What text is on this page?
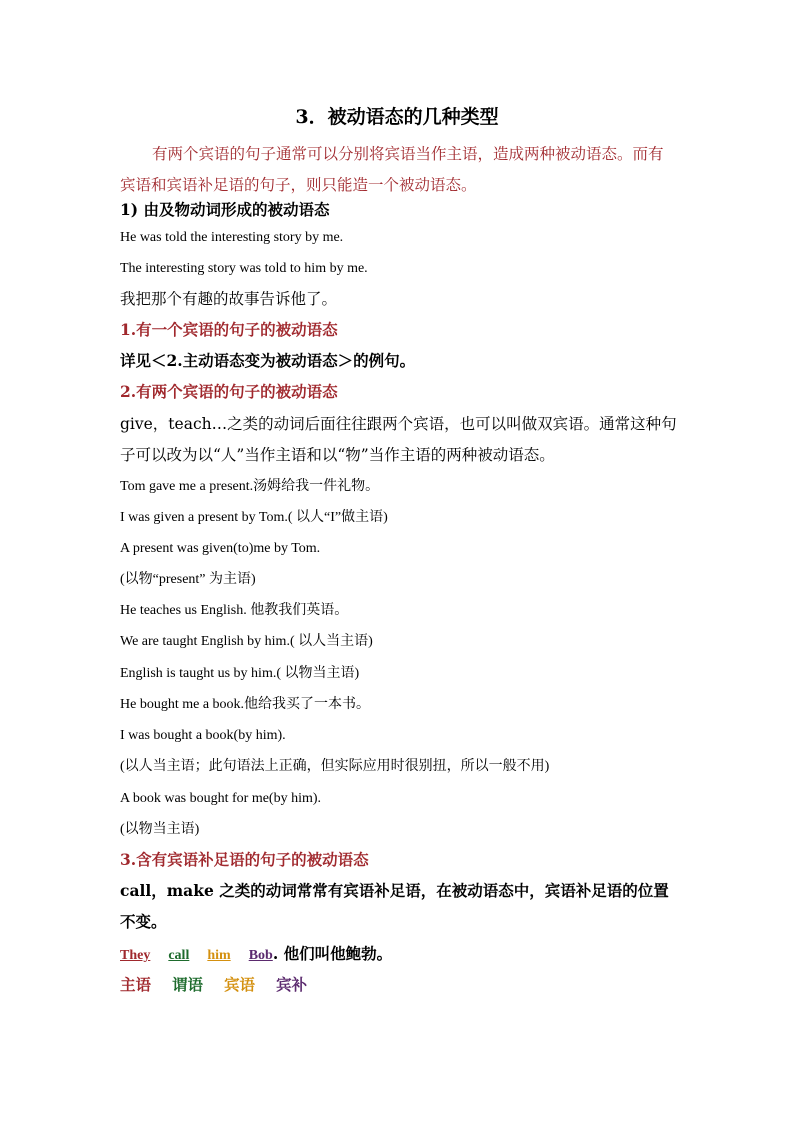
3．被动语态的几种类型
有两个宾语的句子通常可以分别将宾语当作主语，造成两种被动语态。而有
宾语和宾语补足语的句子，则只能造一个被动语态。
1) 由及物动词形成的被动语态
He was told the interesting story by me.
The interesting story was told to him by me.
我把那个有趣的故事告诉他了。
1.有一个宾语的句子的被动语态
详见＜2.主动语态变为被动语态＞的例句。
2.有两个宾语的句子的被动语态
give，teach…之类的动词后面往往跟两个宾语，也可以叫做双宾语。通常这种句
子可以改为以“人”当作主语和以“物”当作主语的两种被动语态。
Tom gave me a present.汤姆给我一件礼物。
I was given a present by Tom.( 以人“I”做主语)
A present was given(to)me by Tom.
(以物“present” 为主语)
He teaches us English. 他教我们英语。
We are taught English by him.( 以人当主语)
English is taught us by him.( 以物当主语)
He bought me a book.他给我买了一本书。
I was bought a book(by him).
(以人当主语；此句语法上正确，但实际应用时很别扭，所以一般不用)
A book was bought for me(by him).
(以物当主语)
3.含有宾语补足语的句子的被动语态
call，make 之类的动词常常有宾语补足语，在被动语态中，宾语补足语的位置
不变。
They call him Bob. 他们叫他鲍勃。
主语 谓语 宾语 宾补
